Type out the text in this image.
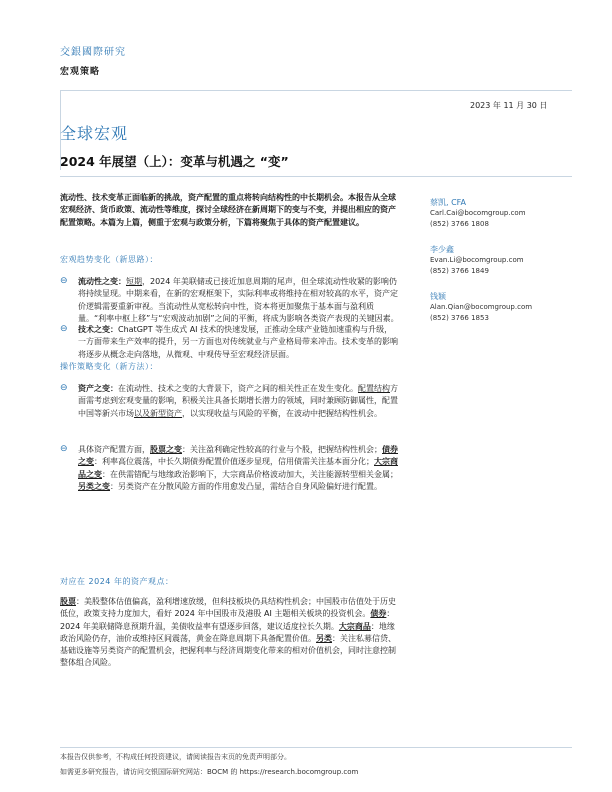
交銀國際研究
宏观策略
2023 年 11 月 30 日
全球宏观
2024 年展望（上）：变革与机遇之 “变”
流动性、技术变革正面临新的挑战，资产配置的重点将转向结构性的中长期机会。本报告从全球宏观经济、货币政策、流动性等维度，探讨全球经济在新周期下的变与不变，并提出相应的资产配置策略。本篇为上篇，侧重于宏观与政策分析，下篇将聚焦于具体的资产配置建议。
宏观趋势变化（新思路）：
⊖ 流动性之变：短期，2024 年美联储或已接近加息周期的尾声，但全球流动性收紧的影响仍将持续显现。中期来看，在新的宏观框架下，实际利率或将维持在相对较高的水平，资产定价逻辑需要重新审视。当流动性从宽松转向中性，资本将更加聚焦于基本面与盈利质量。“利率中枢上移”与“宏观波动加剧”之间的平衡，将成为影响各类资产表现的关键因素。
⊖ 技术之变：ChatGPT 等生成式 AI 技术的快速发展，正推动全球产业链加速重构与升级，一方面带来生产效率的提升，另一方面也对传统就业与产业格局带来冲击。技术变革的影响将逐步从概念走向落地，从微观、中观传导至宏观经济层面。
操作策略变化（新方法）：
⊖ 资产之变：在流动性、技术之变的大背景下，资产之间的相关性正在发生变化。配置结构方面需考虑到宏观变量的影响，积极关注具备长期增长潜力的领域，同时兼顾防御属性，配置中国等新兴市场以及新型资产，以实现收益与风险的平衡，在波动中把握结构性机会。
⊖ 具体资产配置方面，股票之变：关注盈利确定性较高的行业与个股，把握结构性机会；债券之变：利率高位震荡，中长久期债券配置价值逐步显现，信用债需关注基本面分化；大宗商品之变：在供需错配与地缘政治影响下，大宗商品价格波动加大，关注能源转型相关金属；另类之变：另类资产在分散风险方面的作用愈发凸显，需结合自身风险偏好进行配置。
对应在 2024 年的资产观点：
股票：美股整体估值偏高，盈利增速放缓，但科技板块仍具结构性机会；中国股市估值处于历史低位，政策支持力度加大，看好 2024 年中国股市及港股 AI 主题相关板块的投资机会。债券：2024 年美联储降息预期升温，美债收益率有望逐步回落，建议适度拉长久期。大宗商品：地缘政治风险仍存，油价或维持区间震荡，黄金在降息周期下具备配置价值。另类：关注私募信贷、基础设施等另类资产的配置机会，把握利率与经济周期变化带来的相对价值机会，同时注意控制整体组合风险。
蔡凯, CFA
Carl.Cai@bocomgroup.com
(852) 3766 1808
李少鑫
Evan.Li@bocomgroup.com
(852) 3766 1849
钱颖
Alan.Qian@bocomgroup.com
(852) 3766 1853
本报告仅供参考，不构成任何投资建议，请阅读报告末页的免责声明部分。
如需更多研究报告，请访问交银国际研究网站：BOCM 的 https://research.bocomgroup.com
